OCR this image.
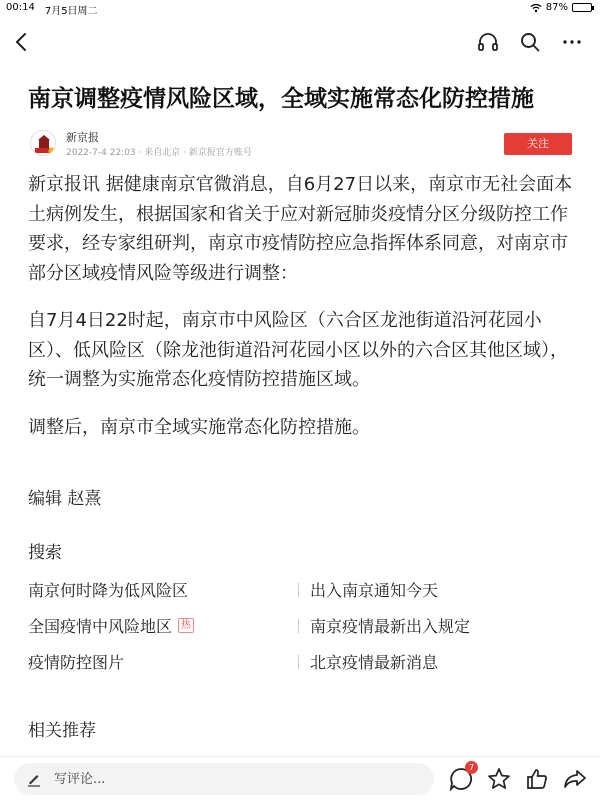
00:14 7月5日周二	87%
南京调整疫情风险区域，全域实施常态化防控措施
新京报
2022-7-4 22:03 · 来自北京 · 新京报官方账号
关注

新京报讯 据健康南京官微消息，自6月27日以来，南京市无社会面本土病例发生，根据国家和省关于应对新冠肺炎疫情分区分级防控工作要求，经专家组研判，南京市疫情防控应急指挥体系同意，对南京市部分区域疫情风险等级进行调整：

自7月4日22时起，南京市中风险区（六合区龙池街道沿河花园小区）、低风险区（除龙池街道沿河花园小区以外的六合区其他区域），统一调整为实施常态化疫情防控措施区域。

调整后，南京市全域实施常态化防控措施。

编辑 赵熹
搜索
南京何时降为低风险区	出入南京通知今天
全国疫情中风险地区 热	南京疫情最新出入规定
疫情防控图片	北京疫情最新消息
相关推荐
写评论...
7
